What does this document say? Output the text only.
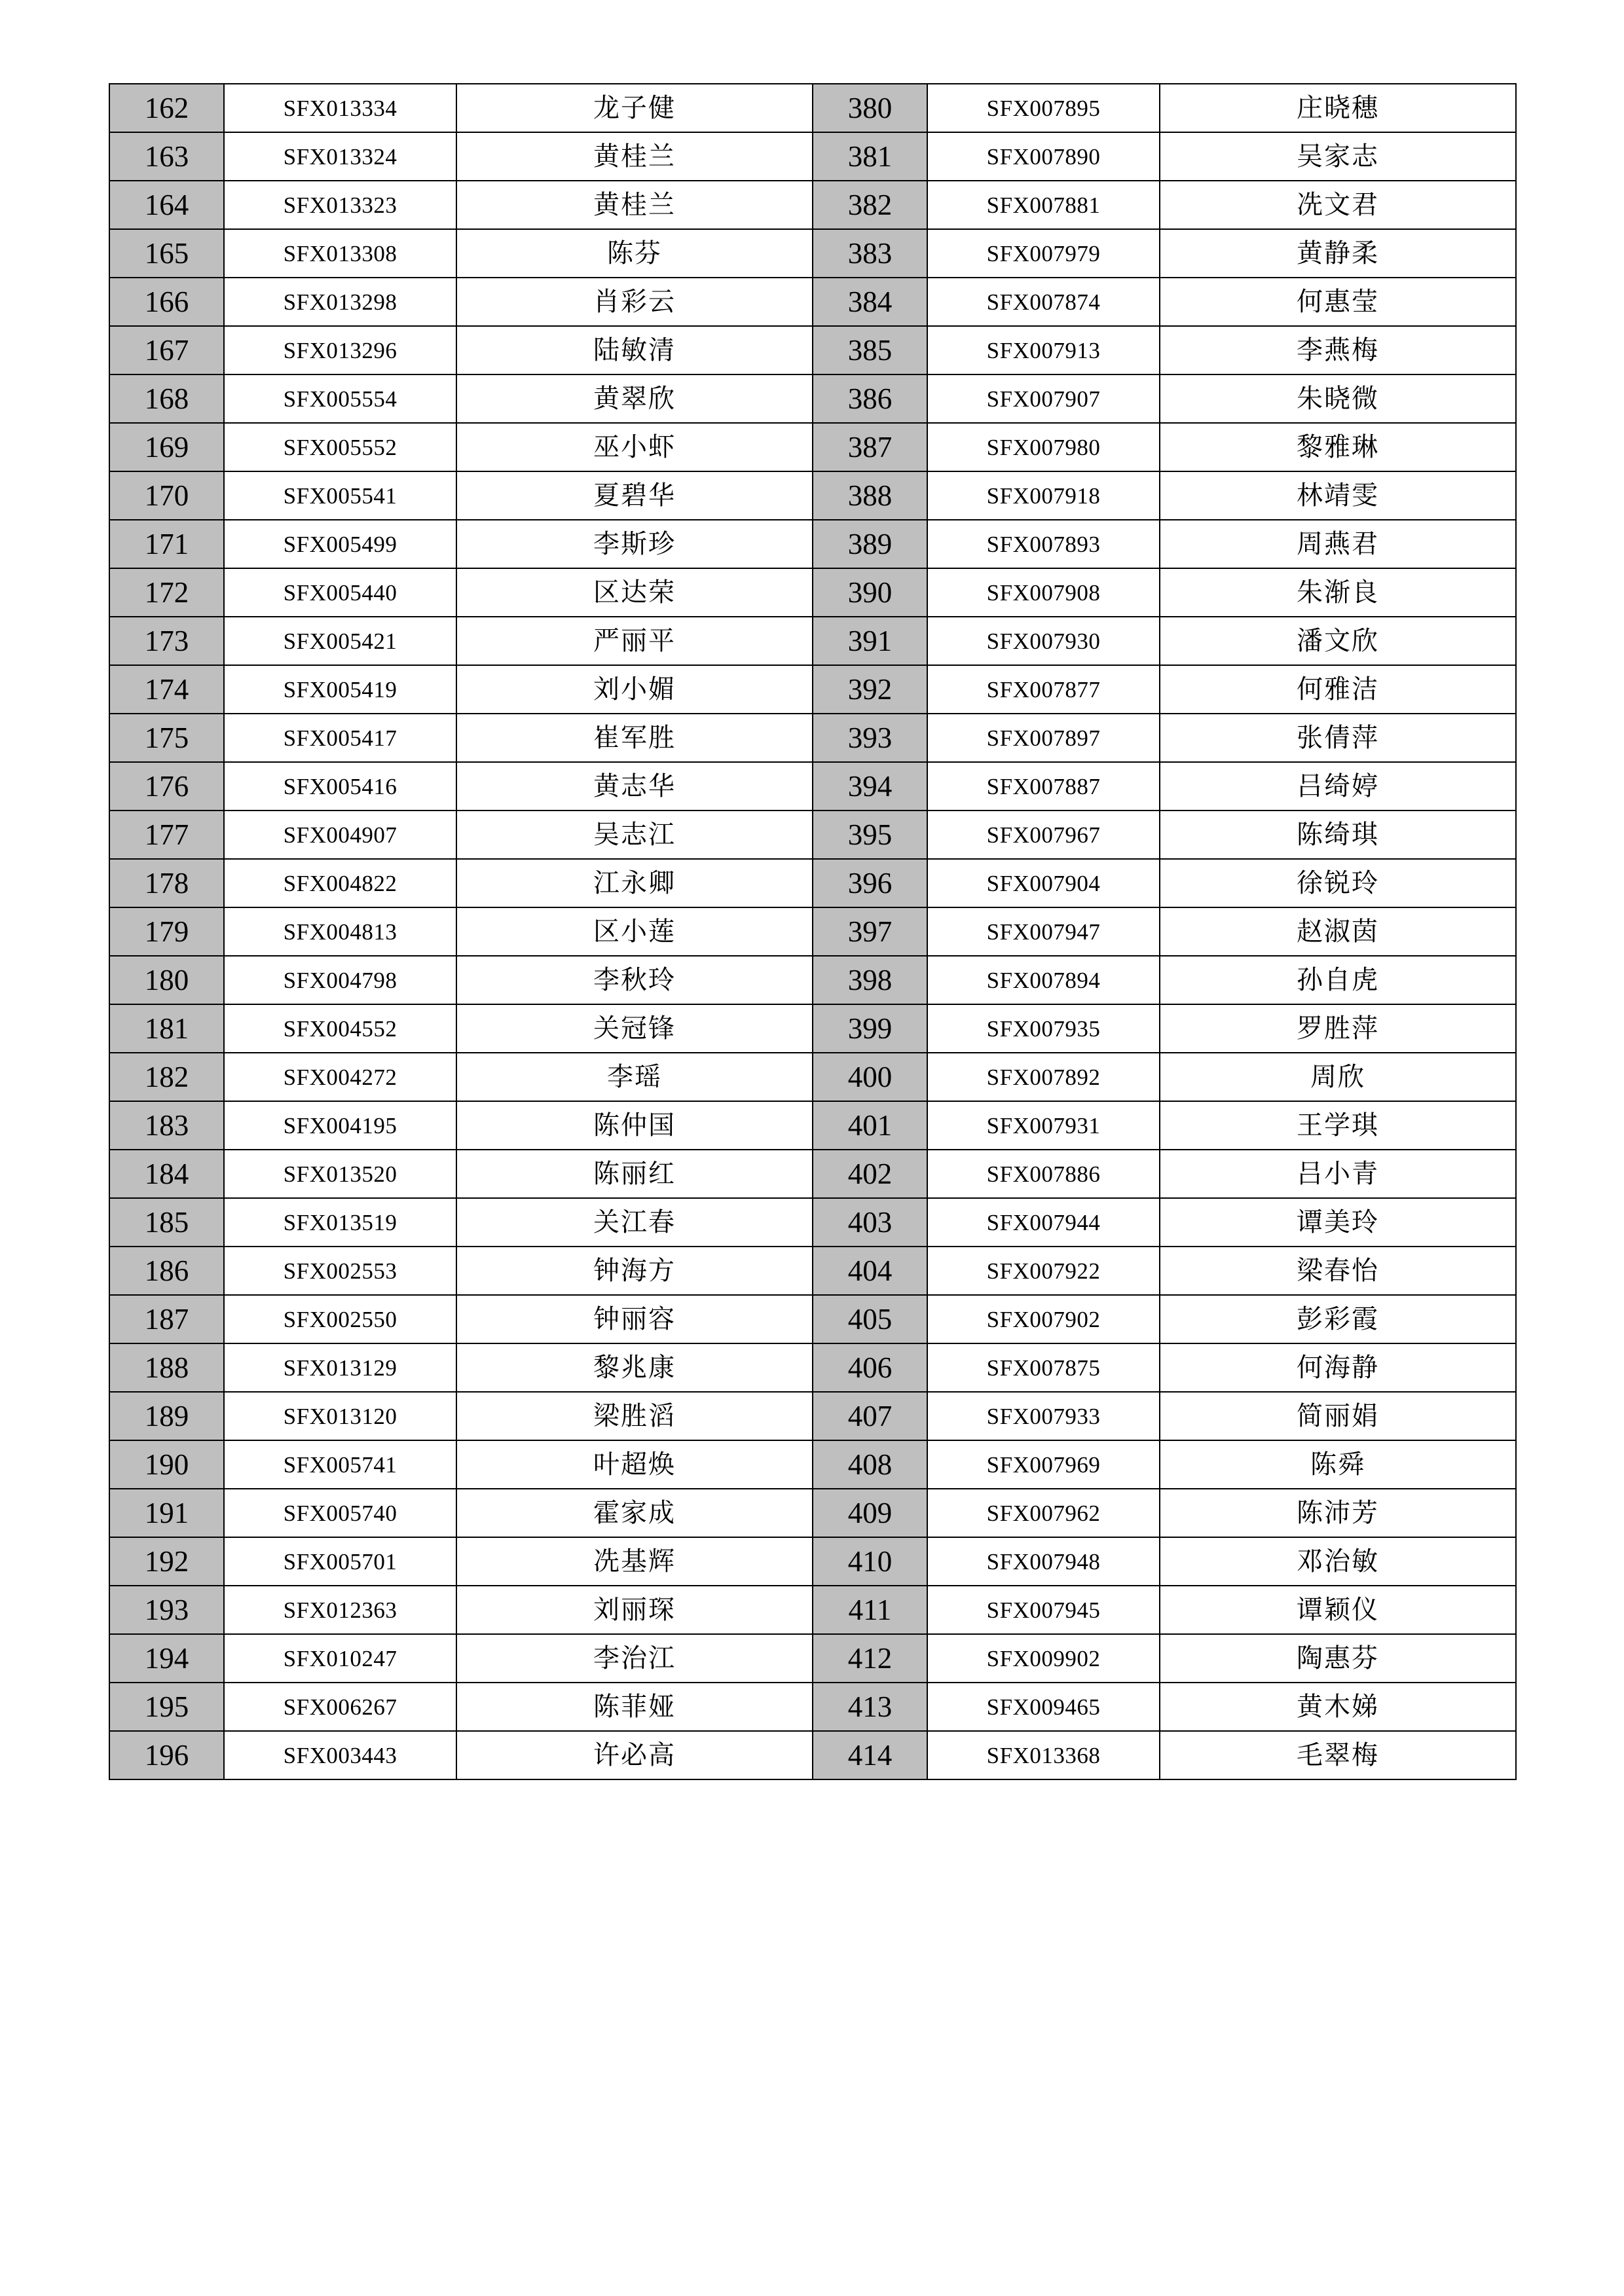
162	SFX013334	龙子健	380	SFX007895	庄晓穗
163	SFX013324	黄桂兰	381	SFX007890	吴家志
164	SFX013323	黄桂兰	382	SFX007881	冼文君
165	SFX013308	陈芬	383	SFX007979	黄静柔
166	SFX013298	肖彩云	384	SFX007874	何惠莹
167	SFX013296	陆敏清	385	SFX007913	李燕梅
168	SFX005554	黄翠欣	386	SFX007907	朱晓微
169	SFX005552	巫小虾	387	SFX007980	黎雅琳
170	SFX005541	夏碧华	388	SFX007918	林靖雯
171	SFX005499	李斯珍	389	SFX007893	周燕君
172	SFX005440	区达荣	390	SFX007908	朱渐良
173	SFX005421	严丽平	391	SFX007930	潘文欣
174	SFX005419	刘小媚	392	SFX007877	何雅洁
175	SFX005417	崔军胜	393	SFX007897	张倩萍
176	SFX005416	黄志华	394	SFX007887	吕绮婷
177	SFX004907	吴志江	395	SFX007967	陈绮琪
178	SFX004822	江永卿	396	SFX007904	徐锐玲
179	SFX004813	区小莲	397	SFX007947	赵淑茵
180	SFX004798	李秋玲	398	SFX007894	孙自虎
181	SFX004552	关冠锋	399	SFX007935	罗胜萍
182	SFX004272	李瑶	400	SFX007892	周欣
183	SFX004195	陈仲国	401	SFX007931	王学琪
184	SFX013520	陈丽红	402	SFX007886	吕小青
185	SFX013519	关江春	403	SFX007944	谭美玲
186	SFX002553	钟海方	404	SFX007922	梁春怡
187	SFX002550	钟丽容	405	SFX007902	彭彩霞
188	SFX013129	黎兆康	406	SFX007875	何海静
189	SFX013120	梁胜滔	407	SFX007933	简丽娟
190	SFX005741	叶超焕	408	SFX007969	陈舜
191	SFX005740	霍家成	409	SFX007962	陈沛芳
192	SFX005701	冼基辉	410	SFX007948	邓治敏
193	SFX012363	刘丽琛	411	SFX007945	谭颖仪
194	SFX010247	李治江	412	SFX009902	陶惠芬
195	SFX006267	陈菲娅	413	SFX009465	黄木娣
196	SFX003443	许必高	414	SFX013368	毛翠梅
